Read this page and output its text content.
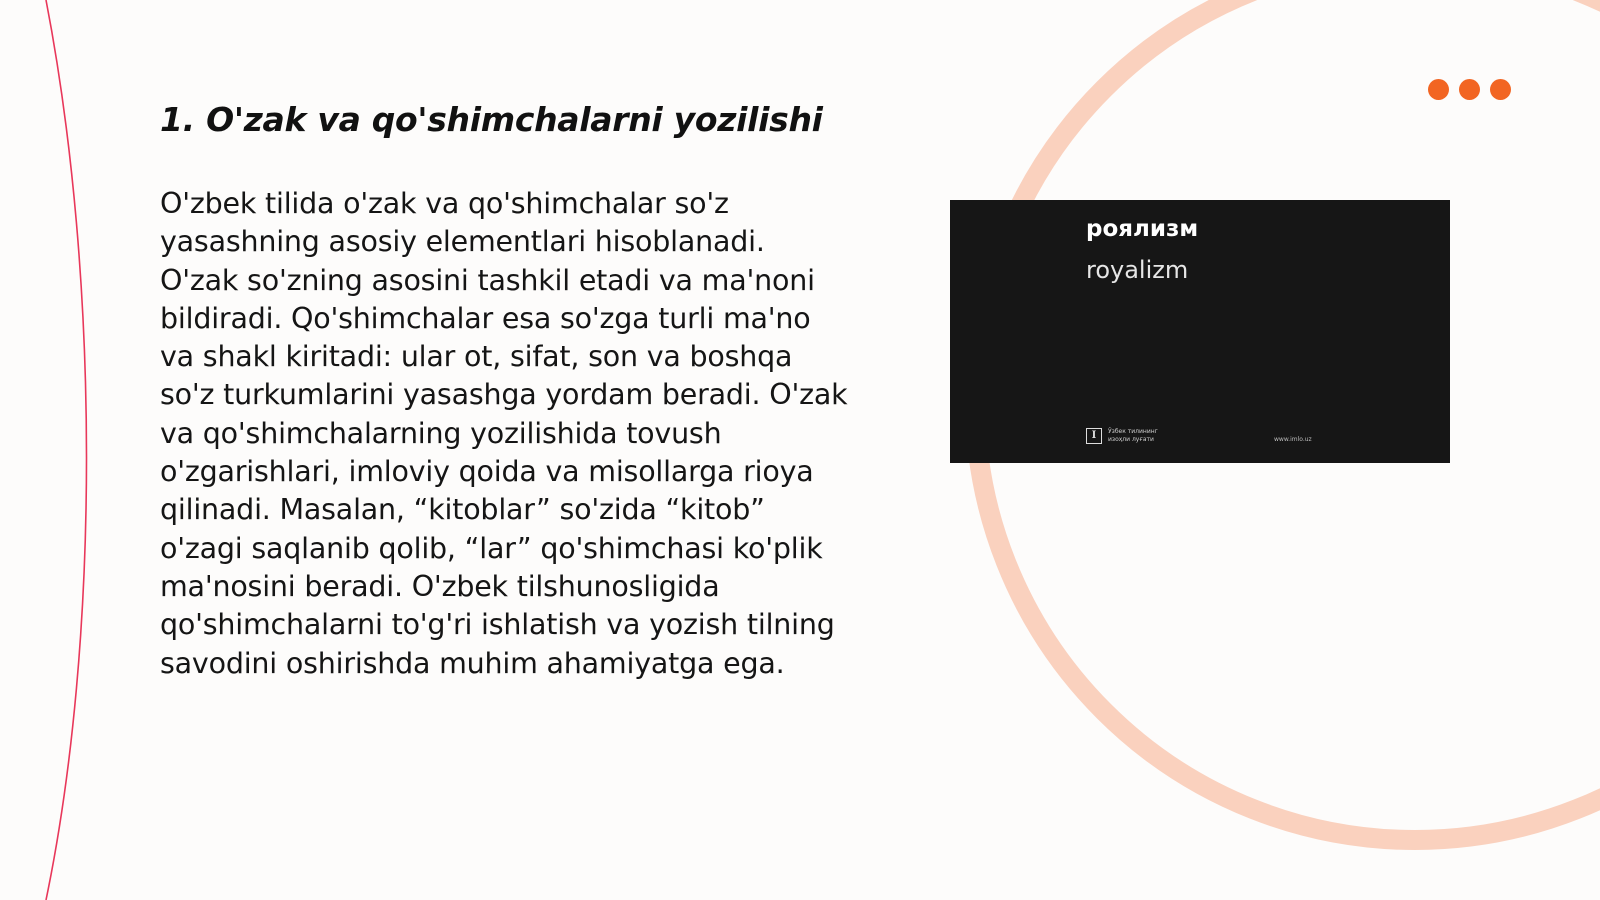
1. O'zak va qo'shimchalarni yozilishi

O'zbek tilida o'zak va qo'shimchalar so'z yasashning asosiy elementlari hisoblanadi. O'zak so'zning asosini tashkil etadi va ma'noni bildiradi. Qo'shimchalar esa so'zga turli ma'no va shakl kiritadi: ular ot, sifat, son va boshqa so'z turkumlarini yasashga yordam beradi. O'zak va qo'shimchalarning yozilishida tovush o'zgarishlari, imloviy qoida va misollarga rioya qilinadi. Masalan, “kitoblar” so'zida “kitob” o'zagi saqlanib qolib, “lar” qo'shimchasi ko'plik ma'nosini beradi. O'zbek tilshunosligida qo'shimchalarni to'g'ri ishlatish va yozish tilning savodini oshirishda muhim ahamiyatga ega.

роялизм
royalizm
I	Ўзбек тилининг изоҳли луғати	www.imlo.uz
